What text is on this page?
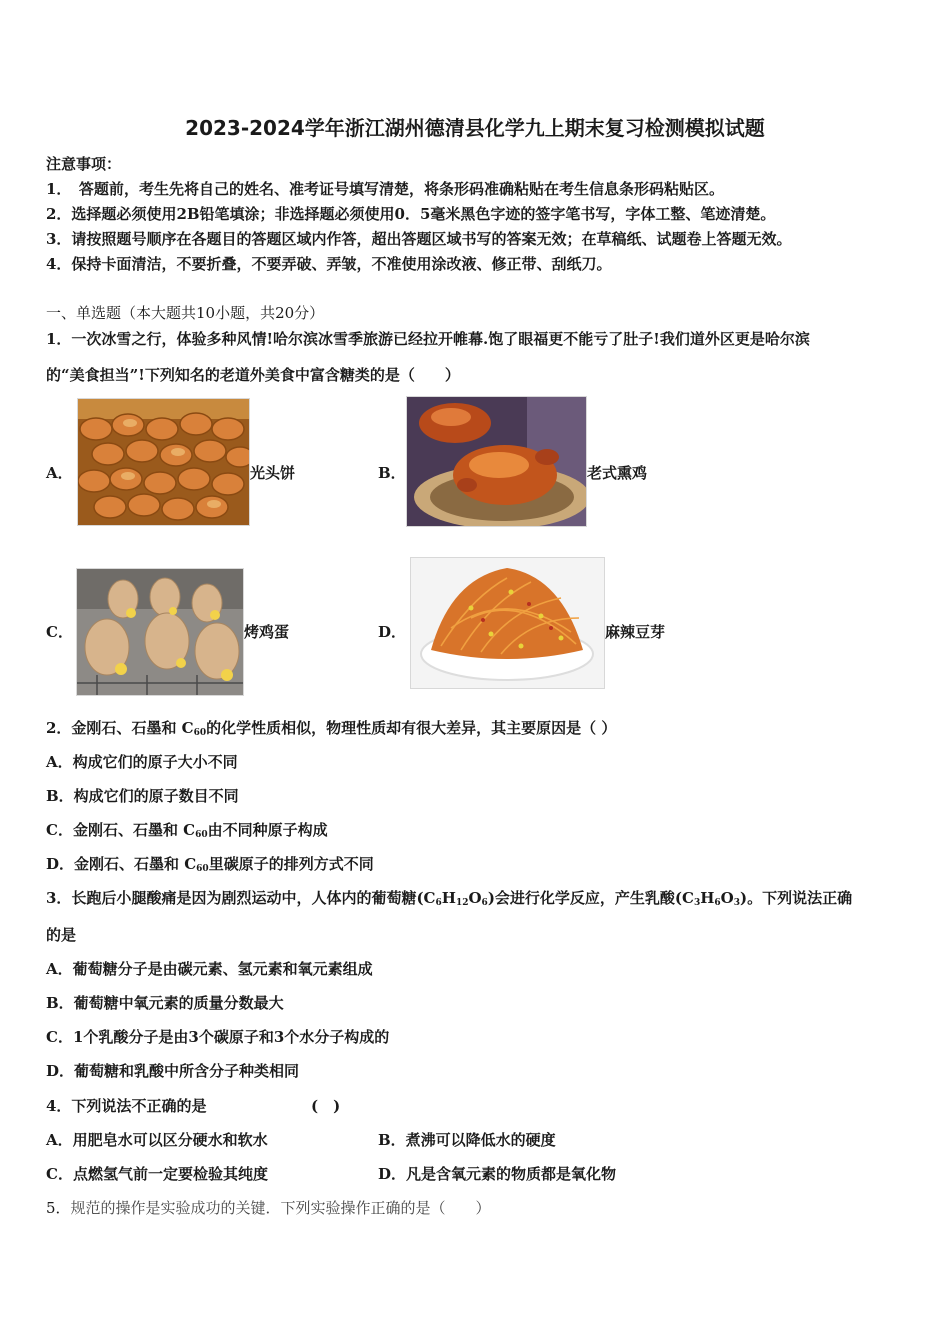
2023-2024学年浙江湖州德清县化学九上期末复习检测模拟试题
注意事项：
1．　答题前，考生先将自己的姓名、准考证号填写清楚，将条形码准确粘贴在考生信息条形码粘贴区。
2．选择题必须使用2B铅笔填涂；非选择题必须使用0．5毫米黑色字迹的签字笔书写，字体工整、笔迹清楚。
3．请按照题号顺序在各题目的答题区域内作答，超出答题区域书写的答案无效；在草稿纸、试题卷上答题无效。
4．保持卡面清洁，不要折叠，不要弄破、弄皱，不准使用涂改液、修正带、刮纸刀。
一、单选题（本大题共10小题，共20分）
1．一次冰雪之行，体验多种风情!哈尔滨冰雪季旅游已经拉开帷幕.饱了眼福更不能亏了肚子!我们道外区更是哈尔滨
的“美食担当”!下列知名的老道外美食中富含糖类的是（　　）
A．	光头饼	B．	老式熏鸡
C．	烤鸡蛋	D．	麻辣豆芽
2．金刚石、石墨和 $C_{60}$的化学性质相似，物理性质却有很大差异，其主要原因是（ ）
A．构成它们的原子大小不同
B．构成它们的原子数目不同
C．金刚石、石墨和 $C_{60}$由不同种原子构成
D．金刚石、石墨和 $C_{60}$里碳原子的排列方式不同
3．长跑后小腿酸痛是因为剧烈运动中，人体内的葡萄糖$(C_6H_{12}O_6)$会进行化学反应，产生乳酸$(C_3H_6O_3)$。下列说法正确
的是
A．葡萄糖分子是由碳元素、氢元素和氧元素组成
B．葡萄糖中氧元素的质量分数最大
C．1个乳酸分子是由3个碳原子和3个水分子构成的
D．葡萄糖和乳酸中所含分子种类相同
4．下列说法不正确的是	(　)
A．用肥皂水可以区分硬水和软水	B．煮沸可以降低水的硬度
C．点燃氢气前一定要检验其纯度	D．凡是含氧元素的物质都是氧化物
5．规范的操作是实验成功的关键．下列实验操作正确的是（　　）
